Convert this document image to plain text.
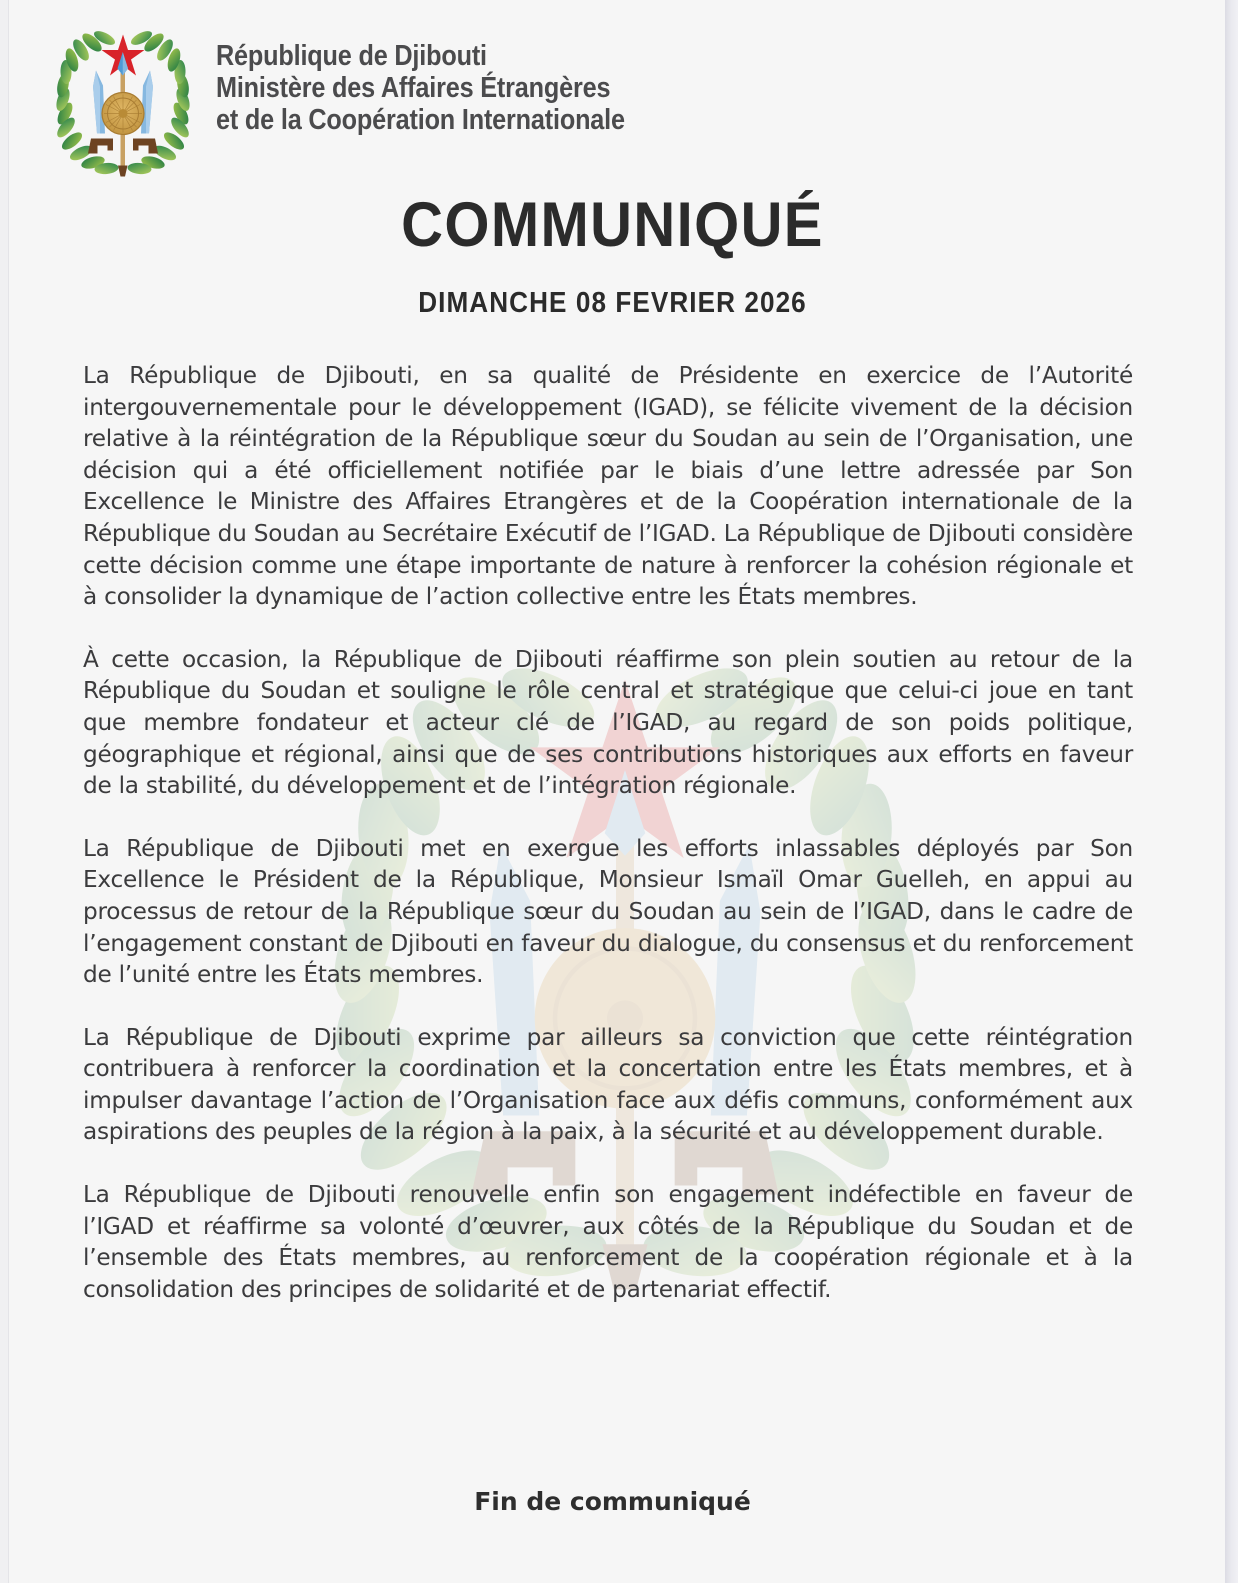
République de Djibouti
Ministère des Affaires Étrangères
et de la Coopération Internationale
COMMUNIQUÉ
DIMANCHE 08 FEVRIER 2026

La République de Djibouti, en sa qualité de Présidente en exercice de l’Autorité intergouvernementale pour le développement (IGAD), se félicite vivement de la décision relative à la réintégration de la République sœur du Soudan au sein de l’Organisation, une décision qui a été officiellement notifiée par le biais d’une lettre adressée par Son Excellence le Ministre des Affaires Etrangères et de la Coopération internationale de la République du Soudan au Secrétaire Exécutif de l’IGAD. La République de Djibouti considère cette décision comme une étape importante de nature à renforcer la cohésion régionale et à consolider la dynamique de l’action collective entre les États membres.

À cette occasion, la République de Djibouti réaffirme son plein soutien au retour de la République du Soudan et souligne le rôle central et stratégique que celui-ci joue en tant que membre fondateur et acteur clé de l’IGAD, au regard de son poids politique, géographique et régional, ainsi que de ses contributions historiques aux efforts en faveur de la stabilité, du développement et de l’intégration régionale.

La République de Djibouti met en exergue les efforts inlassables déployés par Son Excellence le Président de la République, Monsieur Ismaïl Omar Guelleh, en appui au processus de retour de la République sœur du Soudan au sein de l’IGAD, dans le cadre de l’engagement constant de Djibouti en faveur du dialogue, du consensus et du renforcement de l’unité entre les États membres.

La République de Djibouti exprime par ailleurs sa conviction que cette réintégration contribuera à renforcer la coordination et la concertation entre les États membres, et à impulser davantage l’action de l’Organisation face aux défis communs, conformément aux aspirations des peuples de la région à la paix, à la sécurité et au développement durable.

La République de Djibouti renouvelle enfin son engagement indéfectible en faveur de l’IGAD et réaffirme sa volonté d’œuvrer, aux côtés de la République du Soudan et de l’ensemble des États membres, au renforcement de la coopération régionale et à la consolidation des principes de solidarité et de partenariat effectif.

Fin de communiqué
